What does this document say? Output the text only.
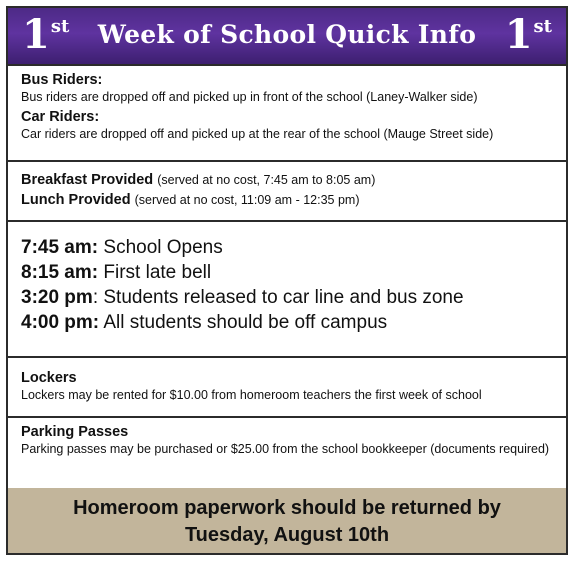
1st	Week of School Quick Info 1st
Bus Riders:
Bus riders are dropped off and picked up in front of the school (Laney-Walker side)
Car Riders:
Car riders are dropped off and picked up at the rear of the school (Mauge Street side)
Breakfast Provided (served at no cost, 7:45 am to 8:05 am)
Lunch Provided (served at no cost, 11:09 am - 12:35 pm)
7:45 am: School Opens
8:15 am: First late bell
3:20 pm: Students released to car line and bus zone
4:00 pm: All students should be off campus
Lockers
Lockers may be rented for $10.00 from homeroom teachers the first week of school
Parking Passes
Parking passes may be purchased or $25.00 from the school bookkeeper (documents required)
Homeroom paperwork should be returned by
Tuesday, August 10th
